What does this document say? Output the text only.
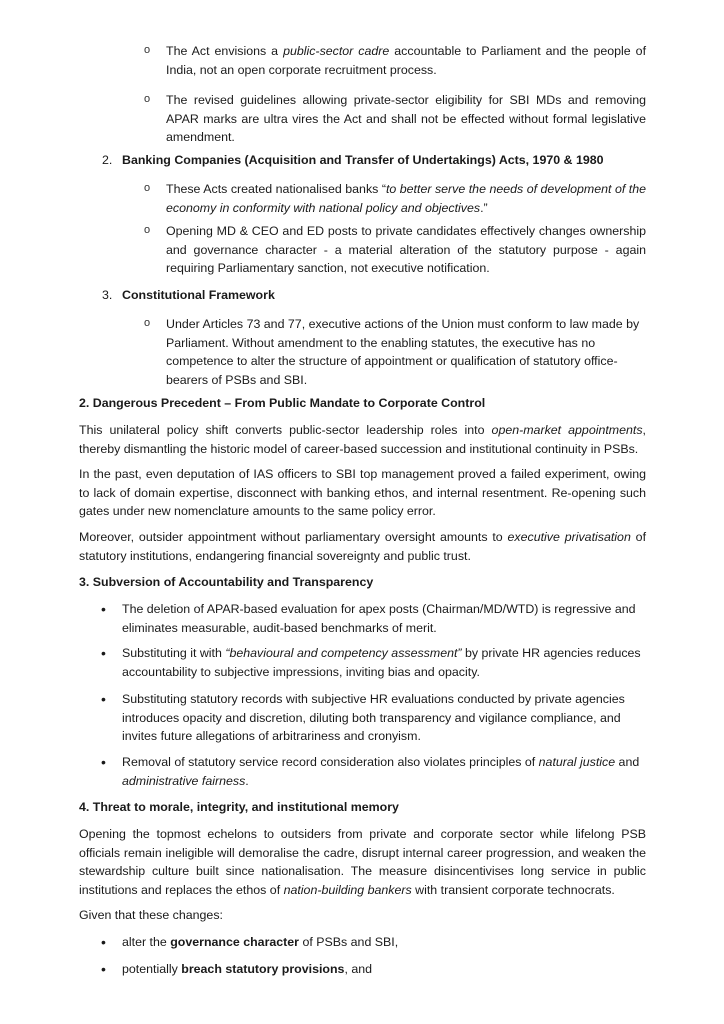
o The Act envisions a public-sector cadre accountable to Parliament and the people of India, not an open corporate recruitment process.
o The revised guidelines allowing private-sector eligibility for SBI MDs and removing APAR marks are ultra vires the Act and shall not be effected without formal legislative amendment.
2. Banking Companies (Acquisition and Transfer of Undertakings) Acts, 1970 & 1980
o These Acts created nationalised banks “to better serve the needs of development of the economy in conformity with national policy and objectives.”
o Opening MD & CEO and ED posts to private candidates effectively changes ownership and governance character - a material alteration of the statutory purpose - again requiring Parliamentary sanction, not executive notification.
3. Constitutional Framework
o Under Articles 73 and 77, executive actions of the Union must conform to law made by Parliament. Without amendment to the enabling statutes, the executive has no competence to alter the structure of appointment or qualification of statutory office-bearers of PSBs and SBI.
2. Dangerous Precedent – From Public Mandate to Corporate Control
This unilateral policy shift converts public-sector leadership roles into open-market appointments, thereby dismantling the historic model of career-based succession and institutional continuity in PSBs.
In the past, even deputation of IAS officers to SBI top management proved a failed experiment, owing to lack of domain expertise, disconnect with banking ethos, and internal resentment. Re-opening such gates under new nomenclature amounts to the same policy error.
Moreover, outsider appointment without parliamentary oversight amounts to executive privatisation of statutory institutions, endangering financial sovereignty and public trust.
3. Subversion of Accountability and Transparency
• The deletion of APAR-based evaluation for apex posts (Chairman/MD/WTD) is regressive and eliminates measurable, audit-based benchmarks of merit.
• Substituting it with “behavioural and competency assessment” by private HR agencies reduces accountability to subjective impressions, inviting bias and opacity.
• Substituting statutory records with subjective HR evaluations conducted by private agencies introduces opacity and discretion, diluting both transparency and vigilance compliance, and invites future allegations of arbitrariness and cronyism.
• Removal of statutory service record consideration also violates principles of natural justice and administrative fairness.
4. Threat to morale, integrity, and institutional memory
Opening the topmost echelons to outsiders from private and corporate sector while lifelong PSB officials remain ineligible will demoralise the cadre, disrupt internal career progression, and weaken the stewardship culture built since nationalisation. The measure disincentivises long service in public institutions and replaces the ethos of nation-building bankers with transient corporate technocrats.
Given that these changes:
• alter the governance character of PSBs and SBI,
• potentially breach statutory provisions, and
